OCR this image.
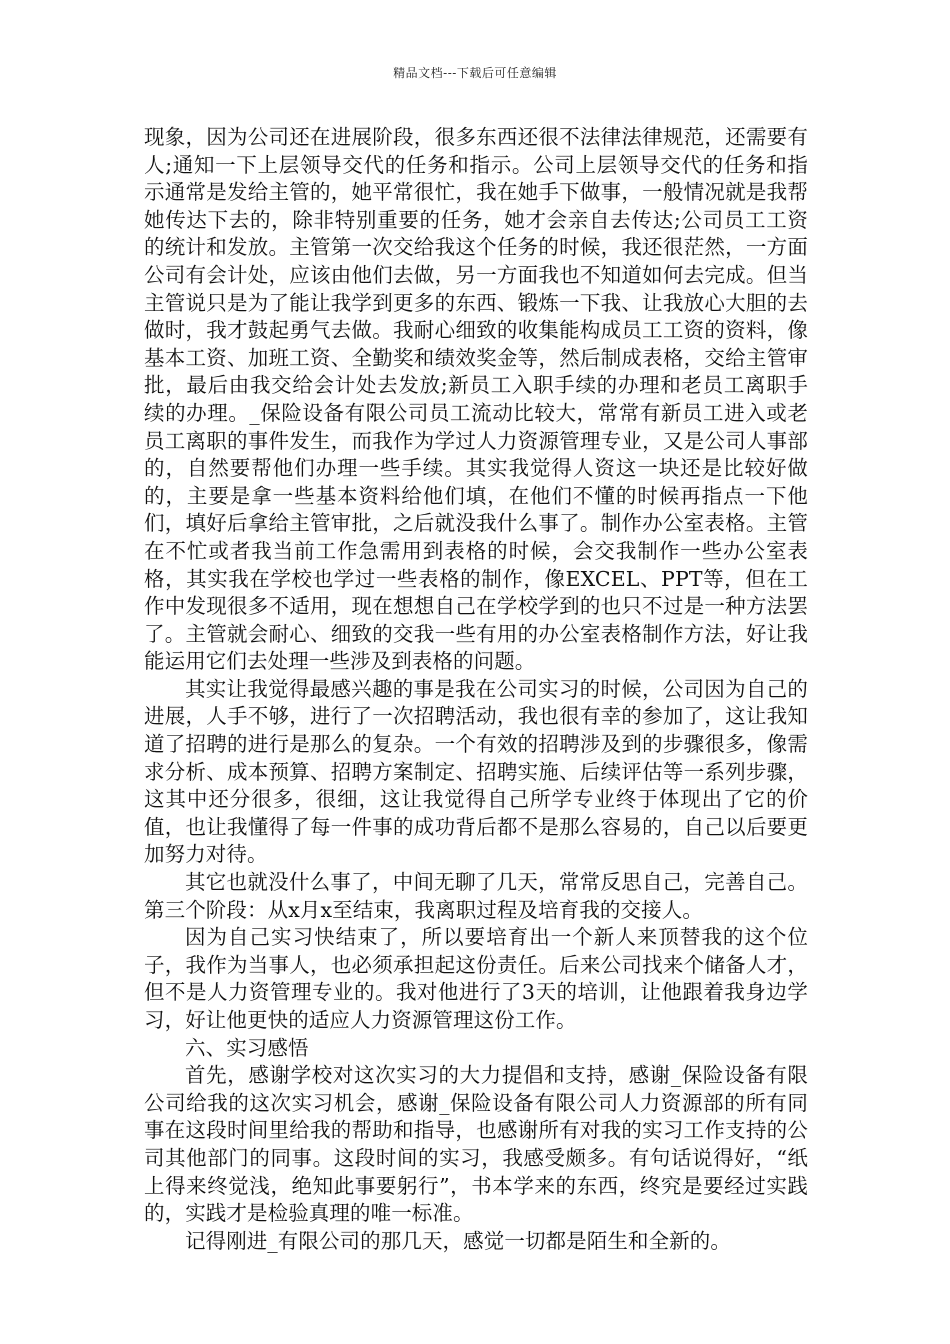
精品文档---下载后可任意编辑

现象，因为公司还在进展阶段，很多东西还很不法律法律规范，还需要有人;通知一下上层领导交代的任务和指示。公司上层领导交代的任务和指示通常是发给主管的，她平常很忙，我在她手下做事，一般情况就是我帮她传达下去的，除非特别重要的任务，她才会亲自去传达;公司员工工资的统计和发放。主管第一次交给我这个任务的时候，我还很茫然，一方面公司有会计处，应该由他们去做，另一方面我也不知道如何去完成。但当主管说只是为了能让我学到更多的东西、锻炼一下我、让我放心大胆的去做时，我才鼓起勇气去做。我耐心细致的收集能构成员工工资的资料，像基本工资、加班工资、全勤奖和绩效奖金等，然后制成表格，交给主管审批，最后由我交给会计处去发放;新员工入职手续的办理和老员工离职手续的办理。_保险设备有限公司员工流动比较大，常常有新员工进入或老员工离职的事件发生，而我作为学过人力资源管理专业，又是公司人事部的，自然要帮他们办理一些手续。其实我觉得人资这一块还是比较好做的，主要是拿一些基本资料给他们填，在他们不懂的时候再指点一下他们，填好后拿给主管审批，之后就没我什么事了。制作办公室表格。主管在不忙或者我当前工作急需用到表格的时候，会交我制作一些办公室表格，其实我在学校也学过一些表格的制作，像EXCEL、PPT等，但在工作中发现很多不适用，现在想想自己在学校学到的也只不过是一种方法罢了。主管就会耐心、细致的交我一些有用的办公室表格制作方法，好让我能运用它们去处理一些涉及到表格的问题。

其实让我觉得最感兴趣的事是我在公司实习的时候，公司因为自己的进展，人手不够，进行了一次招聘活动，我也很有幸的参加了，这让我知道了招聘的进行是那么的复杂。一个有效的招聘涉及到的步骤很多，像需求分析、成本预算、招聘方案制定、招聘实施、后续评估等一系列步骤，这其中还分很多，很细，这让我觉得自己所学专业终于体现出了它的价值，也让我懂得了每一件事的成功背后都不是那么容易的，自己以后要更加努力对待。

其它也就没什么事了，中间无聊了几天，常常反思自己，完善自己。 第三个阶段：从x月x至结束，我离职过程及培育我的交接人。

因为自己实习快结束了，所以要培育出一个新人来顶替我的这个位子，我作为当事人，也必须承担起这份责任。后来公司找来个储备人才，但不是人力资管理专业的。我对他进行了3天的培训，让他跟着我身边学习，好让他更快的适应人力资源管理这份工作。

六、实习感悟

首先，感谢学校对这次实习的大力提倡和支持，感谢_保险设备有限公司给我的这次实习机会，感谢_保险设备有限公司人力资源部的所有同事在这段时间里给我的帮助和指导，也感谢所有对我的实习工作支持的公司其他部门的同事。这段时间的实习，我感受颇多。有句话说得好，“纸上得来终觉浅，绝知此事要躬行”，书本学来的东西，终究是要经过实践的，实践才是检验真理的唯一标准。

记得刚进_有限公司的那几天，感觉一切都是陌生和全新的。
